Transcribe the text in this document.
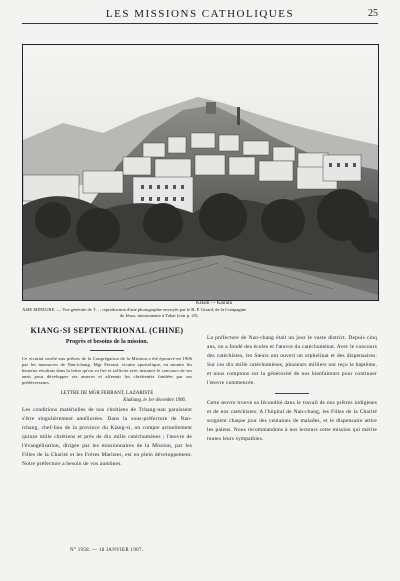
LES MISSIONS CATHOLIQUES	25
Keladi — Kaïrafa
ASIE MINEURE. — Vue générale de T... ; reproduction d'une photographie envoyée par le R. P. Girard, de la Compagnie
de Jésus, missionnaire à Tokat (voir p. 25).
KIANG-SI SEPTENTRIONAL (CHINE)
Progrès et besoins de la mission.

Ce vicariat confié aux prêtres de la Congrégation de la Mission a été éprouvé en 1906 par les massacres de Nan-tchang. Mgr Ferrant, vicaire apostolique, en montre les heureux résultats dans la lettre qu'on va lire et sollicite avec instance le concours de ses amis pour développer ses œuvres et affermir les chrétientés fondées par ses prédécesseurs.

LETTRE DE MGR FERRANT, LAZARISTE
Kiukiang, le 1er décembre 1906.

Les conditions matérielles de nos chrétiens de Tchang-nan paraissent s'être singulièrement améliorées. Dans la sous-préfecture de Nan-tchang, chef-lieu de la province du Kiang-si, on compte actuellement quinze mille chrétiens et près de dix mille catéchumènes ; l'œuvre de l'évangélisation, dirigée par les missionnaires de la Mission, par les Filles de la Charité et les Frères Maristes, est en plein développement. Notre préfecture a besoin de vos aumônes.

La préfecture de Nan-chang était un jour le vaste district. Depuis cinq ans, on a fondé des écoles et l'œuvre du catéchuménat. Avec le concours des catéchistes, les Sœurs ont ouvert un orphelinat et des dispensaires. Sur ces dix mille catéchumènes, plusieurs milliers ont reçu le baptême, et nous comptons sur la générosité de nos bienfaiteurs pour continuer l'œuvre commencée.

Cette œuvre trouve sa fécondité dans le travail de nos prêtres indigènes et de nos catéchistes. A l'hôpital de Nan-chang, les Filles de la Charité soignent chaque jour des centaines de malades, et le dispensaire attire les païens. Nous recommandons à nos lecteurs cette mission qui mérite toutes leurs sympathies.

N° 1958. — 18 JANVIER 1907.
